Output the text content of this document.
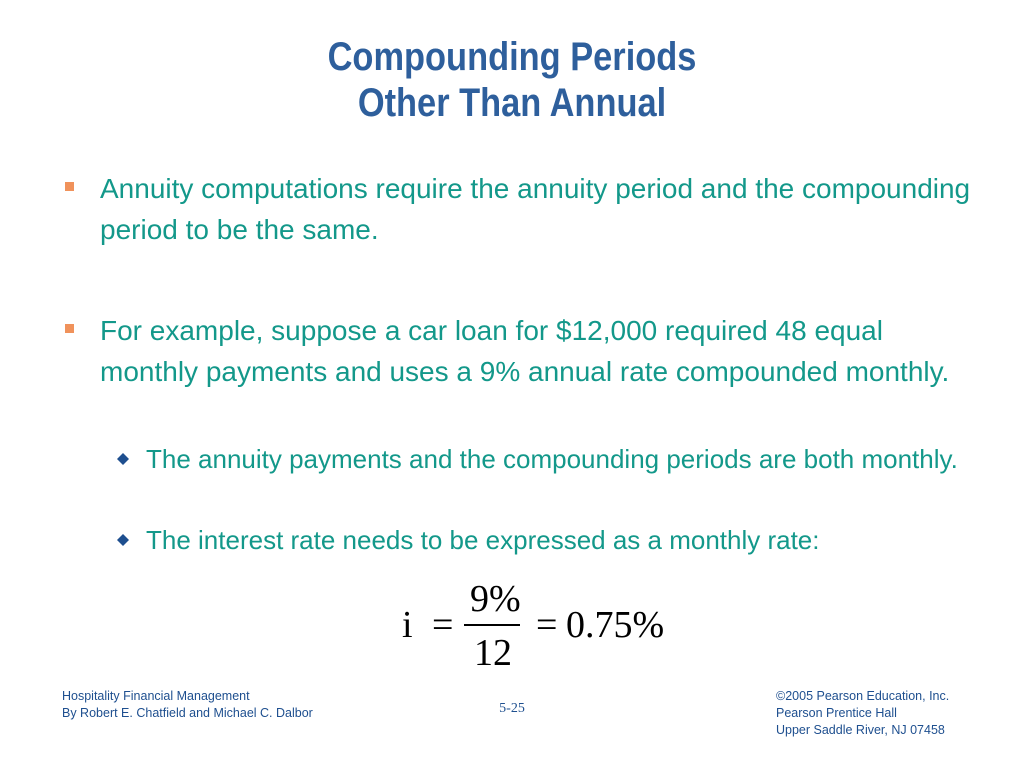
Compounding Periods
Other Than Annual
Annuity computations require the annuity period and the compounding period to be the same.
For example, suppose a car loan for $12,000 required 48 equal monthly payments and uses a 9% annual rate compounded monthly.
The annuity payments and the compounding periods are both monthly.
The interest rate needs to be expressed as a monthly rate:
i =
9%
12
= 0.75%
Hospitality Financial Management
By Robert E. Chatfield and Michael C. Dalbor	5-25
©2005 Pearson Education, Inc.
Pearson Prentice Hall
Upper Saddle River, NJ 07458
